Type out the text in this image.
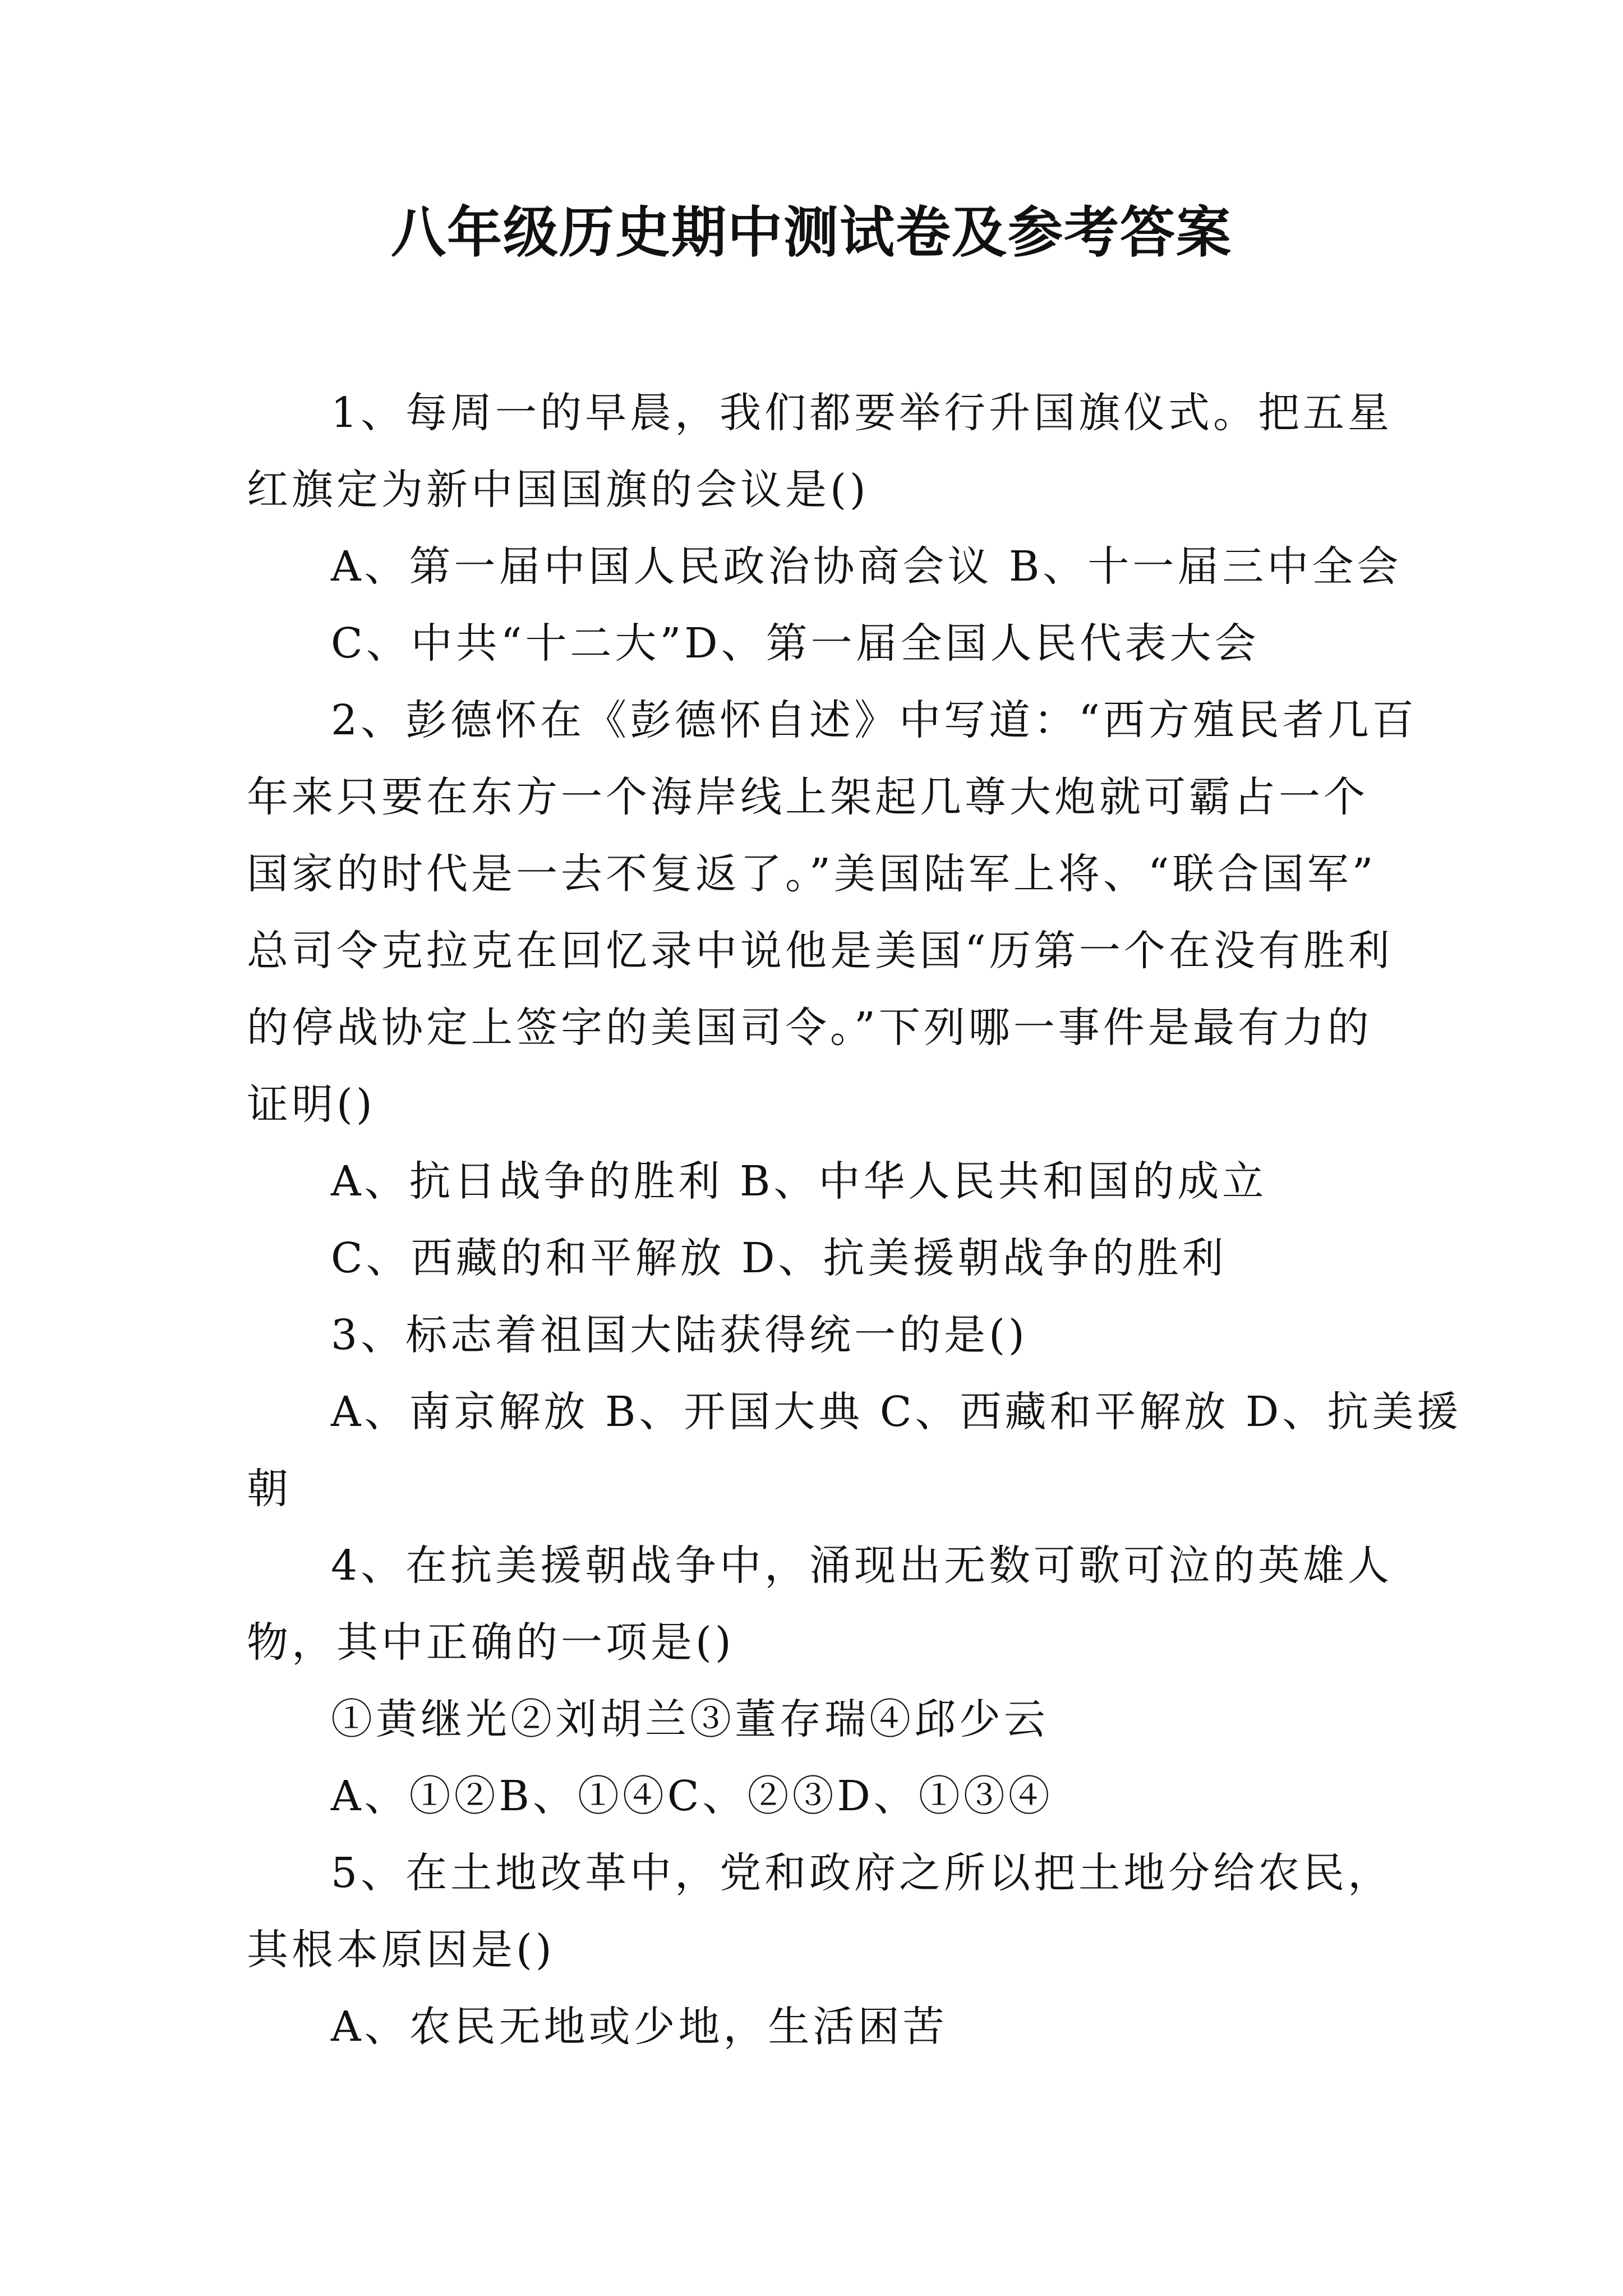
八年级历史期中测试卷及参考答案
1、每周一的早晨，我们都要举行升国旗仪式。把五星
红旗定为新中国国旗的会议是()
A、第一届中国人民政治协商会议 B、十一届三中全会
C、中共“十二大”D、第一届全国人民代表大会
2、彭德怀在《彭德怀自述》中写道：“西方殖民者几百
年来只要在东方一个海岸线上架起几尊大炮就可霸占一个
国家的时代是一去不复返了。”美国陆军上将、“联合国军”
总司令克拉克在回忆录中说他是美国“历第一个在没有胜利
的停战协定上签字的美国司令。”下列哪一事件是最有力的
证明()
A、抗日战争的胜利 B、中华人民共和国的成立
C、西藏的和平解放 D、抗美援朝战争的胜利
3、标志着祖国大陆获得统一的是()
A、南京解放 B、开国大典 C、西藏和平解放 D、抗美援
朝
4、在抗美援朝战争中，涌现出无数可歌可泣的英雄人
物，其中正确的一项是()
①黄继光②刘胡兰③董存瑞④邱少云
A、①②B、①④C、②③D、①③④
5、在土地改革中，党和政府之所以把土地分给农民，
其根本原因是()
A、农民无地或少地，生活困苦
